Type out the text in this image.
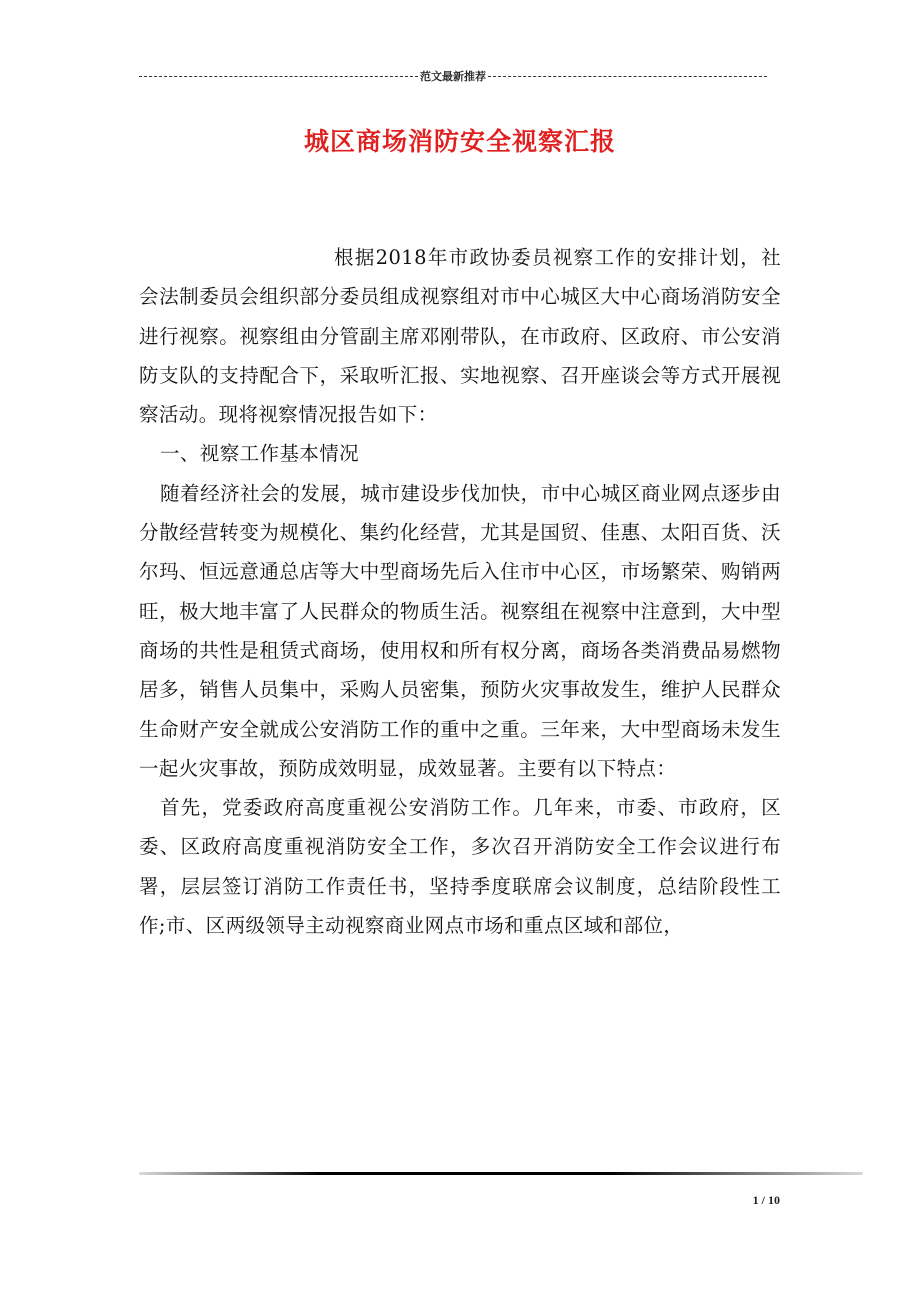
范文最新推荐
城区商场消防安全视察汇报

根据2018年市政协委员视察工作的安排计划，社会法制委员会组织部分委员组成视察组对市中心城区大中心商场消防安全进行视察。视察组由分管副主席邓刚带队，在市政府、区政府、市公安消防支队的支持配合下，采取听汇报、实地视察、召开座谈会等方式开展视察活动。现将视察情况报告如下：

一、视察工作基本情况

随着经济社会的发展，城市建设步伐加快，市中心城区商业网点逐步由分散经营转变为规模化、集约化经营，尤其是国贸、佳惠、太阳百货、沃尔玛、恒远意通总店等大中型商场先后入住市中心区，市场繁荣、购销两旺，极大地丰富了人民群众的物质生活。视察组在视察中注意到，大中型商场的共性是租赁式商场，使用权和所有权分离，商场各类消费品易燃物居多，销售人员集中，采购人员密集，预防火灾事故发生，维护人民群众生命财产安全就成公安消防工作的重中之重。三年来，大中型商场未发生一起火灾事故，预防成效明显，成效显著。主要有以下特点：

首先，党委政府高度重视公安消防工作。几年来，市委、市政府，区委、区政府高度重视消防安全工作，多次召开消防安全工作会议进行布署，层层签订消防工作责任书，坚持季度联席会议制度，总结阶段性工作;市、区两级领导主动视察商业网点市场和重点区域和部位，

1 / 10
